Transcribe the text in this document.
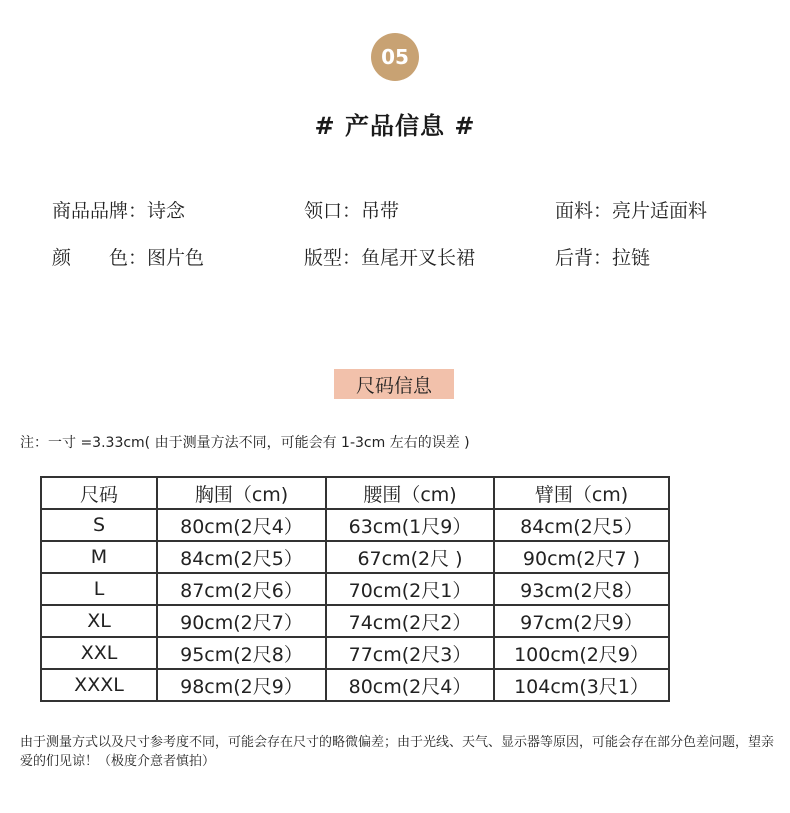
05
# 产品信息 #
商品品牌：诗念	领口：吊带	面料：亮片适面料
颜　　色：图片色	版型：鱼尾开叉长裙	后背：拉链
尺码信息
注：一寸 =3.33cm( 由于测量方法不同，可能会有 1-3cm 左右的误差 )
尺码	胸围（cm)	腰围（cm)	臂围（cm)
S	80cm(2尺4）	63cm(1尺9）	84cm(2尺5）
M	84cm(2尺5）	67cm(2尺 )	90cm(2尺7 )
L	87cm(2尺6）	70cm(2尺1）	93cm(2尺8）
XL	90cm(2尺7）	74cm(2尺2）	97cm(2尺9）
XXL	95cm(2尺8）	77cm(2尺3）	100cm(2尺9）
XXXL	98cm(2尺9）	80cm(2尺4）	104cm(3尺1）
由于测量方式以及尺寸参考度不同，可能会存在尺寸的略微偏差；由于光线、天气、显示器等原因，可能会存在部分色差问题，望亲爱的们见谅！（极度介意者慎拍）
